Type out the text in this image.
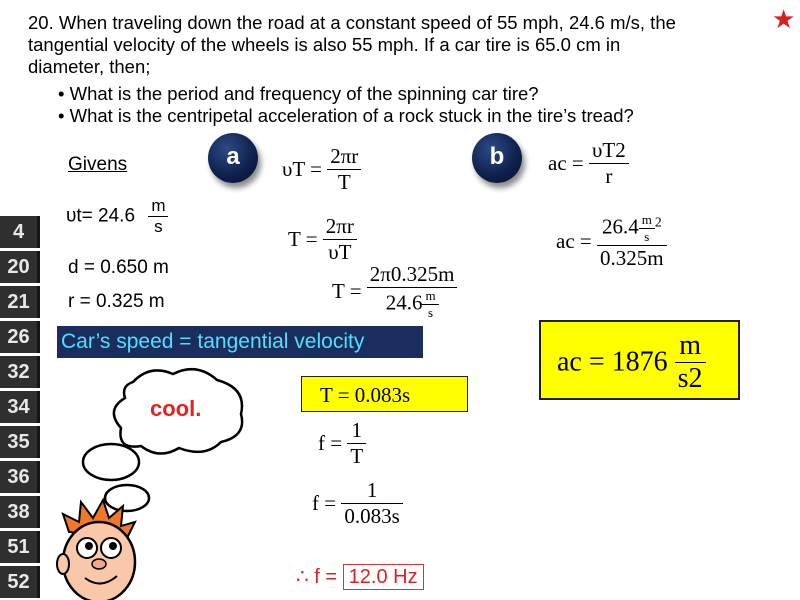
20. When traveling down the road at a constant speed of 55 mph, 24.6 m/s, the
tangential velocity of the wheels is also 55 mph. If a car tire is 65.0 cm in
diameter, then;
• What is the period and frequency of the spinning car tire?
• What is the centripetal acceleration of a rock stuck in the tire’s tread?
★
4
20
21
26
32
34
35
36
38
51
52
Givens
$\upsilon t= 24.6 \frac{m}{s}$
d = 0.650 m
r = 0.325 m
Car’s speed = tangential velocity
cool.
a	b
$\upsilon T = \frac{2\pi r}{T}$
$T = \frac{2\pi r}{\upsilon T}$
$T = \frac{2\pi 0.325m}{24.6 \frac{m}{s}}$
T = 0.083s
$f = \frac{1}{T}$
$f = \frac{1}{0.083s}$
∴ f = 12.0 Hz
ac = $\frac{\upsilon T2}{r}$
ac = $\frac{26.4 \frac{m}{s} ^2}{0.325m}$
ac = $1876 \frac{m}{s2}$
